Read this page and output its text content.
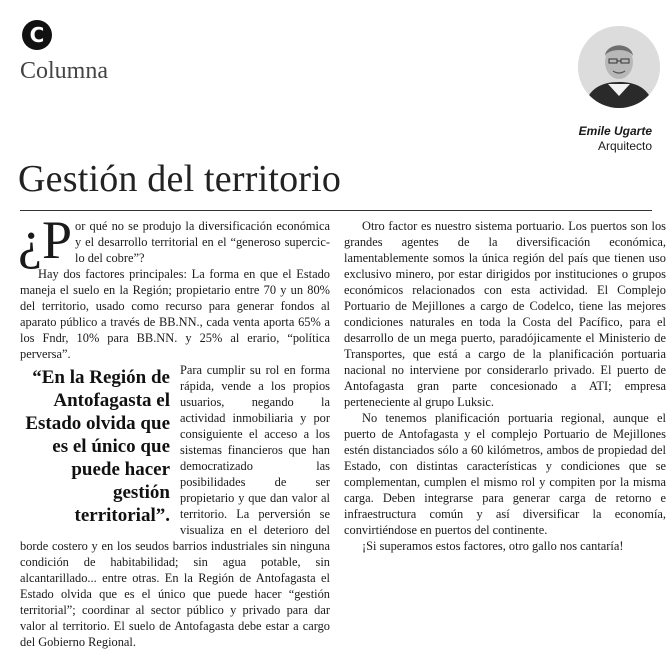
C
Columna
Emile Ugarte
Arquitecto
Gestión del territorio

¿P or qué no se produjo la diversificación económica y el desarrollo territorial en el “generoso supercic-lo del cobre”?

Hay dos factores principales: La forma en que el Estado maneja el suelo en la Región; propietario entre 70 y un 80% del territorio, usado como recurso para generar fondos al aparato público a través de BB.NN., cada venta aporta 65% a los Fndr, 10% para BB.NN. y 25% al erario, “política perversa”.

“En la Región de Antofagasta el Estado olvida que es el único que puede hacer gestión territorial”.

Para cumplir su rol en forma rápida, vende a los propios usuarios, negando la actividad inmobiliaria y por consiguiente el acceso a los sistemas financieros que han democratizado las posibilidades de ser propietario y que dan valor al territorio. La perversión se visualiza en el deterioro del borde costero y en los seudos barrios industriales sin ninguna condición de habitabilidad; sin agua potable, sin alcantarillado... entre otras. En la Región de Antofagasta el Estado olvida que es el único que puede hacer “gestión territorial”; coordinar al sector público y privado para dar valor al territorio. El suelo de Antofagasta debe estar a cargo del Gobierno Regional.

Otro factor es nuestro sistema portuario. Los puertos son los grandes agentes de la diversificación económica, lamentablemente somos la única región del país que tienen uso exclusivo minero, por estar dirigidos por instituciones o grupos económicos relacionados con esta actividad. El Complejo Portuario de Mejillones a cargo de Codelco, tiene las mejores condiciones naturales en toda la Costa del Pacífico, para el desarrollo de un mega puerto, paradójicamente el Ministerio de Transportes, que está a cargo de la planificación portuaria nacional no interviene por considerarlo privado. El puerto de Antofagasta gran parte concesionado a ATI; empresa perteneciente al grupo Luksic.

No tenemos planificación portuaria regional, aunque el puerto de Antofagasta y el complejo Portuario de Mejillones estén distanciados sólo a 60 kilómetros, ambos de propiedad del Estado, con distintas características y condiciones que se complementan, cumplen el mismo rol y compiten por la misma carga. Deben integrarse para generar carga de retorno e infraestructura común y así diversificar la economía, convirtiéndose en puertos del continente.

¡Si superamos estos factores, otro gallo nos cantaría!
